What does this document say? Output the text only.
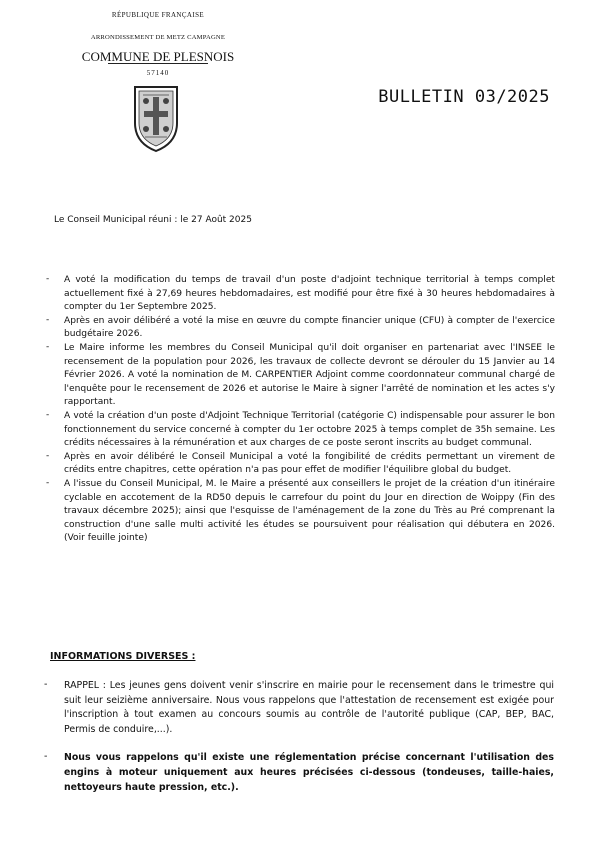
RÉPUBLIQUE FRANÇAISE
ARRONDISSEMENT DE METZ CAMPAGNE
COMMUNE DE PLESNOIS
57140
BULLETIN 03/2025
Le Conseil Municipal réuni : le 27 Août 2025
- A voté la modification du temps de travail d'un poste d'adjoint technique territorial à temps complet actuellement fixé à 27,69 heures hebdomadaires, est modifié pour être fixé à 30 heures hebdomadaires à compter du 1er Septembre 2025.
- Après en avoir délibéré a voté la mise en œuvre du compte financier unique (CFU) à compter de l'exercice budgétaire 2026.
- Le Maire informe les membres du Conseil Municipal qu'il doit organiser en partenariat avec l'INSEE le recensement de la population pour 2026, les travaux de collecte devront se dérouler du 15 Janvier au 14 Février 2026. A voté la nomination de M. CARPENTIER Adjoint comme coordonnateur communal chargé de l'enquête pour le recensement de 2026 et autorise le Maire à signer l'arrêté de nomination et les actes s'y rapportant.
- A voté la création d'un poste d'Adjoint Technique Territorial (catégorie C) indispensable pour assurer le bon fonctionnement du service concerné à compter du 1er octobre 2025 à temps complet de 35h semaine. Les crédits nécessaires à la rémunération et aux charges de ce poste seront inscrits au budget communal.
- Après en avoir délibéré le Conseil Municipal a voté la fongibilité de crédits permettant un virement de crédits entre chapitres, cette opération n'a pas pour effet de modifier l'équilibre global du budget.
- A l'issue du Conseil Municipal, M. le Maire a présenté aux conseillers le projet de la création d'un itinéraire cyclable en accotement de la RD50 depuis le carrefour du point du Jour en direction de Woippy (Fin des travaux décembre 2025); ainsi que l'esquisse de l'aménagement de la zone du Très au Pré comprenant la construction d'une salle multi activité les études se poursuivent pour réalisation qui débutera en 2026. (Voir feuille jointe)
INFORMATIONS DIVERSES :
- RAPPEL : Les jeunes gens doivent venir s'inscrire en mairie pour le recensement dans le trimestre qui suit leur seizième anniversaire. Nous vous rappelons que l'attestation de recensement est exigée pour l'inscription à tout examen au concours soumis au contrôle de l'autorité publique (CAP, BEP, BAC, Permis de conduire,...).
- Nous vous rappelons qu'il existe une réglementation précise concernant l'utilisation des engins à moteur uniquement aux heures précisées ci-dessous (tondeuses, taille-haies, nettoyeurs haute pression, etc.).
